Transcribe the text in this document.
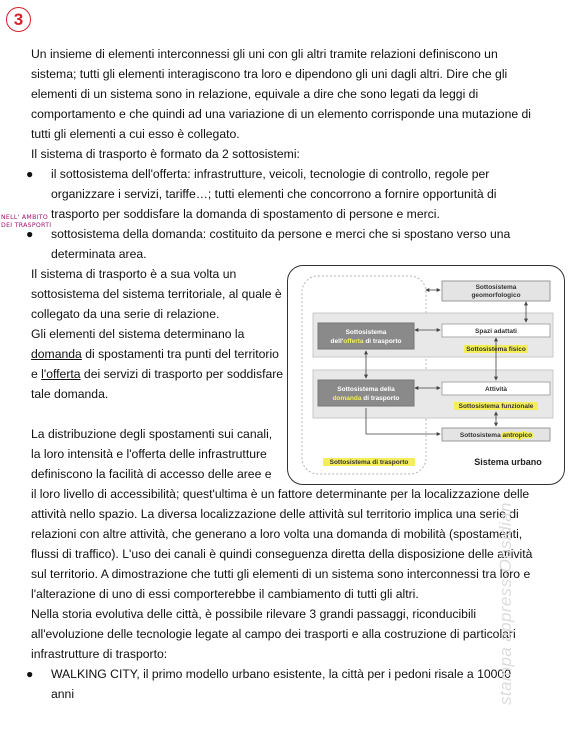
3
NELL' AMBITO
DEI TRASPORTI
Un insieme di elementi interconnessi gli uni con gli altri tramite relazioni definiscono un
sistema; tutti gli elementi interagiscono tra loro e dipendono gli uni dagli altri. Dire che gli
elementi di un sistema sono in relazione, equivale a dire che sono legati da leggi di
comportamento e che quindi ad una variazione di un elemento corrisponde una mutazione di
tutti gli elementi a cui esso è collegato.
Il sistema di trasporto è formato da 2 sottosistemi:
● il sottosistema dell'offerta: infrastrutture, veicoli, tecnologie di controllo, regole per
organizzare i servizi, tariffe…; tutti elementi che concorrono a fornire opportunità di
trasporto per soddisfare la domanda di spostamento di persone e merci.
● sottosistema della domanda: costituito da persone e merci che si spostano verso una
determinata area.
Il sistema di trasporto è a sua volta un
sottosistema del sistema territoriale, al quale è
collegato da una serie di relazione.
Gli elementi del sistema determinano la
domanda di spostamenti tra punti del territorio
e l'offerta dei servizi di trasporto per soddisfare
tale domanda.
La distribuzione degli spostamenti sui canali,
la loro intensità e l'offerta delle infrastrutture
definiscono la facilità di accesso delle aree e
il loro livello di accessibilità; quest'ultima è un fattore determinante per la localizzazione delle
attività nello spazio. La diversa localizzazione delle attività sul territorio implica una serie di
relazioni con altre attività, che generano a loro volta una domanda di mobilità (spostamenti,
flussi di traffico). L'uso dei canali è quindi conseguenza diretta della disposizione delle attività
sul territorio. A dimostrazione che tutti gli elementi di un sistema sono interconnessi tra loro e
l'alterazione di uno di essi comporterebbe il cambiamento di tutti gli altri.
Nella storia evolutiva delle città, è possibile rilevare 3 grandi passaggi, riconducibili
all'evoluzione delle tecnologie legate al campo dei trasporti e alla costruzione di particolari
infrastrutture di trasporto:
● WALKING CITY, il primo modello urbano esistente, la città per i pedoni risale a 10000
anni
Sottosistema
geomorfologico
Sottosistema
dell'offerta di trasporto
Sottosistema della
domanda di trasporto
Spazi adattati
Sottosistema fisico
Attività
Sottosistema funzionale
Sottosistema antropico
Sottosistema di trasporto	Sistema urbano
stampa appress-Obsidian
